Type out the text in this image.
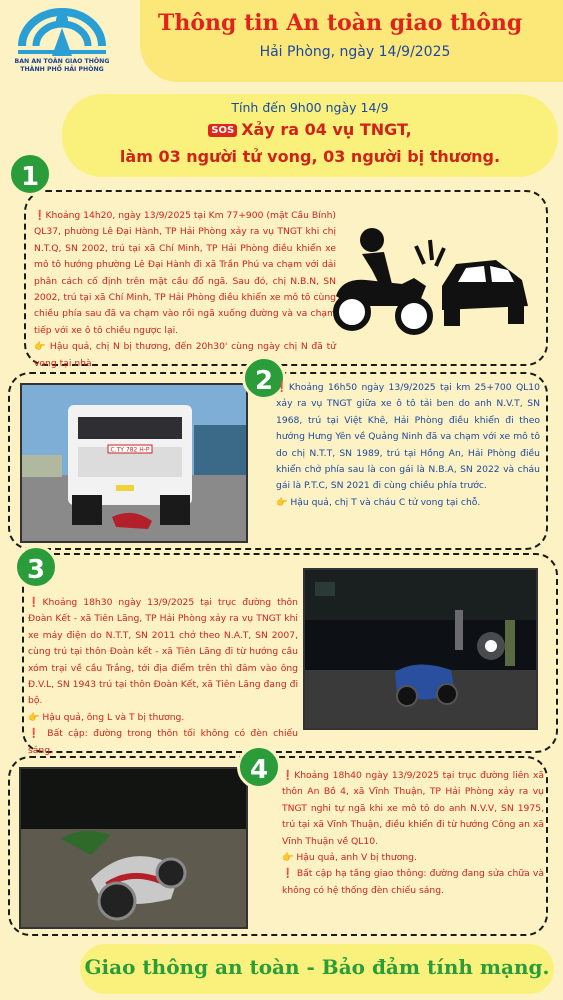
BAN AN TOÀN GIAO THÔNG
THÀNH PHỐ HẢI PHÒNG
Thông tin An toàn giao thông
Hải Phòng, ngày 14/9/2025
Tính đến 9h00 ngày 14/9
SOS Xảy ra 04 vụ TNGT,
làm 03 người tử vong, 03 người bị thương.
❗Khoảng 14h20, ngày 13/9/2025 tại Km 77+900 (mặt Cầu Bính) QL37, phường Lê Đại Hành, TP Hải Phòng xảy ra vụ TNGT khi chị N.T.Q, SN 2002, trú tại xã Chí Minh, TP Hải Phòng điều khiển xe mô tô hướng phường Lê Đại Hành đi xã Trần Phú va chạm với dải phân cách cố định trên mặt cầu đổ ngã. Sau đó, chị N.B.N, SN 2002, trú tại xã Chí Minh, TP Hải Phòng điều khiển xe mô tô cùng chiều phía sau đã va chạm vào rồi ngã xuống đường và va chạm tiếp với xe ô tô chiều ngược lại.
👉 Hậu quả, chị N bị thương, đến 20h30' cùng ngày chị N đã tử vong tại nhà.
C.TY 782 H-P
2 ❗Khoảng 16h50 ngày 13/9/2025 tại km 25+700 QL10 xảy ra vụ TNGT giữa xe ô tô tải ben do anh N.V.T, SN 1968, trú tại Việt Khê, Hải Phòng điều khiển đi theo hướng Hưng Yên về Quảng Ninh đã va chạm với xe mô tô do chị N.T.T, SN 1989, trú tại Hồng An, Hải Phòng điều khiển chở phía sau là con gái là N.B.A, SN 2022 và cháu gái là P.T.C, SN 2021 đi cùng chiều phía trước.
👉 Hậu quả, chị T và cháu C tử vong tại chỗ.
❗Khoảng 18h30 ngày 13/9/2025 tại trục đường thôn Đoàn Kết - xã Tiên Lãng, TP Hải Phòng xảy ra vụ TNGT khi xe máy điện do N.T.T, SN 2011 chở theo N.A.T, SN 2007, cùng trú tại thôn Đoàn kết - xã Tiên Lãng đi từ hướng cầu xóm trại về cầu Trắng, tới địa điểm trên thì đâm vào ông Đ.V.L, SN 1943 trú tại thôn Đoàn Kết, xã Tiên Lãng đang đi bộ.
👉 Hậu quả, ông L và T bị thương.
❗ Bất cập: đường trong thôn tối không có đèn chiếu sáng.
3
1
4	❗Khoảng 18h40 ngày 13/9/2025 tại trục đường liên xã thôn An Bồ 4, xã Vĩnh Thuận, TP Hải Phòng xảy ra vụ TNGT nghi tự ngã khi xe mô tô do anh N.V.V, SN 1975, trú tại xã Vĩnh Thuận, điều khiển đi từ hướng Công an xã Vĩnh Thuận về QL10.
👉 Hậu quả, anh V bị thương.
❗ Bất cập hạ tầng giao thông: đường đang sửa chữa và không có hệ thống đèn chiếu sáng.
Giao thông an toàn - Bảo đảm tính mạng.
